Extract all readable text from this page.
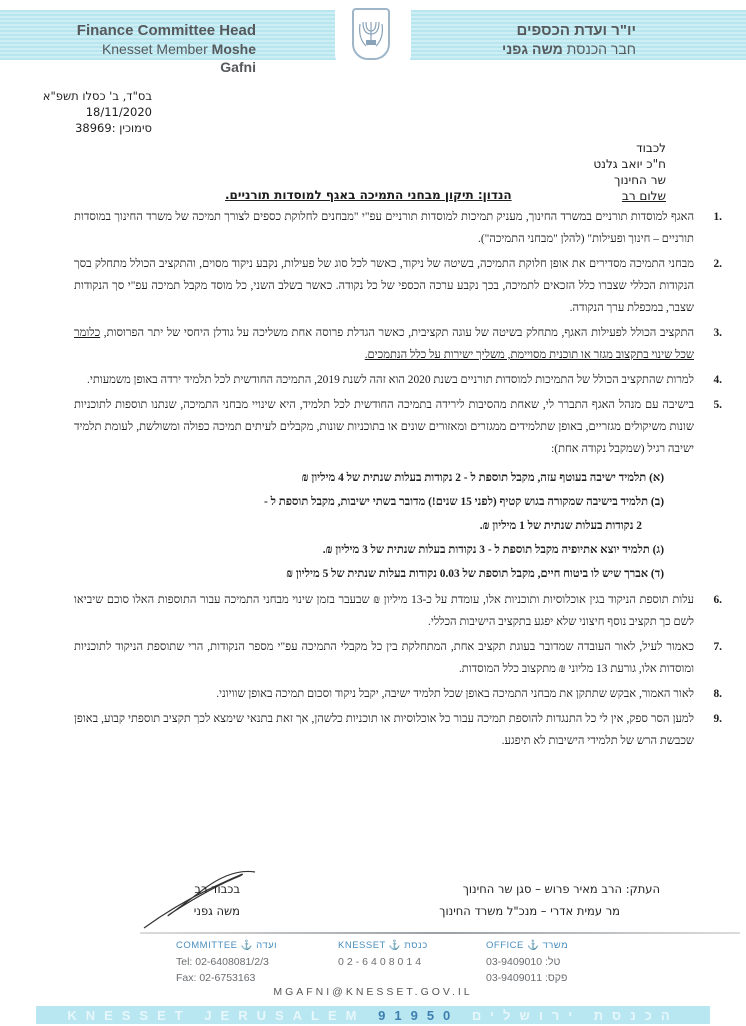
Finance Committee Head
Knesset Member Moshe Gafni
יו"ר ועדת הכספים
חבר הכנסת משה גפני
בס"ד, ב' כסלו תשפ"א
18/11/2020
סימוכין :38969
לכבוד
ח"כ יואב גלנט
שר החינוך
שלום רב
הנדון: תיקון מבחני התמיכה באגף למוסדות תורניים.
.1
האגף למוסדות תורניים במשרד החינוך, מעניק תמיכות למוסדות תורניים עפ"י "מבחנים לחלוקת כספים לצורך תמיכה של משרד החינוך במוסדות תורניים – חינוך ופעילות" (להלן "מבחני התמיכה").
.2
מבחני התמיכה מסדירים את אופן חלוקת התמיכה, בשיטה של ניקוד, כאשר לכל סוג של פעילות, נקבע ניקוד מסוים, והתקציב הכולל מתחלק בסך הנקודות הכללי שצברו כלל הזכאים לתמיכה, בכך נקבע ערכה הכספי של כל נקודה. כאשר בשלב השני, כל מוסד מקבל תמיכה עפ"י סך הנקודות שצבר, במכפלת ערך הנקודה.
.3
התקציב הכולל לפעילות האגף, מתחלק בשיטה של עוגה תקציבית, כאשר הגדלת פרוסה אחת משליכה על גודלן היחסי של יתר הפרוסות, כלומר שכל שינוי בתקצוב מגזר או תוכנית מסויימת, משליך ישירות על כלל הנתמכים.
.4
למרות שהתקציב הכולל של התמיכות למוסדות תורניים בשנת 2020 הוא זהה לשנת 2019, התמיכה החודשית לכל תלמיד ירדה באופן משמעותי.
.5
בישיבה עם מנהל האגף התברר לי, שאחת מהסיבות לירידה בתמיכה החודשית לכל תלמיד, היא שינויי מבחני התמיכה, שנתנו תוספות לתוכניות שונות משיקולים מגזריים, באופן שתלמידים ממגזרים ומאזורים שונים או בתוכניות שונות, מקבלים לעיתים תמיכה כפולה ומשולשת, לעומת תלמיד ישיבה רגיל (שמקבל נקודה אחת):
(א) תלמיד ישיבה בעוטף עזה, מקבל תוספת ל - 2 נקודות בעלות שנתית של 4 מיליון ₪
(ב) תלמיד בישיבה שמקורה בגוש קטיף (לפני 15 שנים!) מדובר בשתי ישיבות, מקבל תוספת ל -
2 נקודות בעלות שנתית של 1 מיליון ₪.
(ג) תלמיד יוצא אתיופיה מקבל תוספת ל - 3 נקודות בעלות שנתית של 3 מיליון ₪.
(ד) אברך שיש לו ביטוח חיים, מקבל תוספת של 0.03 נקודות בעלות שנתית של 5 מיליון ₪
.6
עלות תוספת הניקוד בגין אוכלוסיות ותוכניות אלו, עומדת על כ-13 מיליון ₪ שבעבר בזמן שינוי מבחני התמיכה עבור התוספות האלו סוכם שיביאו לשם כך תקציב נוסף חיצוני שלא יפגע בתקציב הישיבות הכללי.
.7
כאמור לעיל, לאור העובדה שמדובר בעוגת תקציב אחת, המתחלקת בין כל מקבלי התמיכה עפ"י מספר הנקודות, הרי שתוספת הניקוד לתוכניות ומוסדות אלו, גורעת 13 מליוני ₪ מתקצוב כלל המוסדות.
.8
לאור האמור, אבקש שתתקן את מבחני התמיכה באופן שכל תלמיד ישיבה, יקבל ניקוד וסכום תמיכה באופן שוויוני.
.9
למען הסר ספק, אין לי כל התנגדות להוספת תמיכה עבור כל אוכלוסיות או תוכניות כלשהן, אך זאת בתנאי שימצא לכך תקציב תוספתי קבוע, באופן שכבשת הרש של תלמידי הישיבות לא תיפגע.
בכבוד רב
משה גפני
העתק: הרב מאיר פרוש – סגן שר החינוך
מר עמית אדרי – מנכ"ל משרד החינוך
COMMITTEE ⚓ ועדה
Tel: 02-6408081/2/3
Fax: 02-6753163
KNESSET ⚓ כנסת
02-6408014
OFFICE ⚓ משרד
טל: 03-9409010
פקס: 03-9409011
MGAFNI@KNESSET.GOV.IL
KNESSET JERUSALEM 91950 הכנסת ירושלים
